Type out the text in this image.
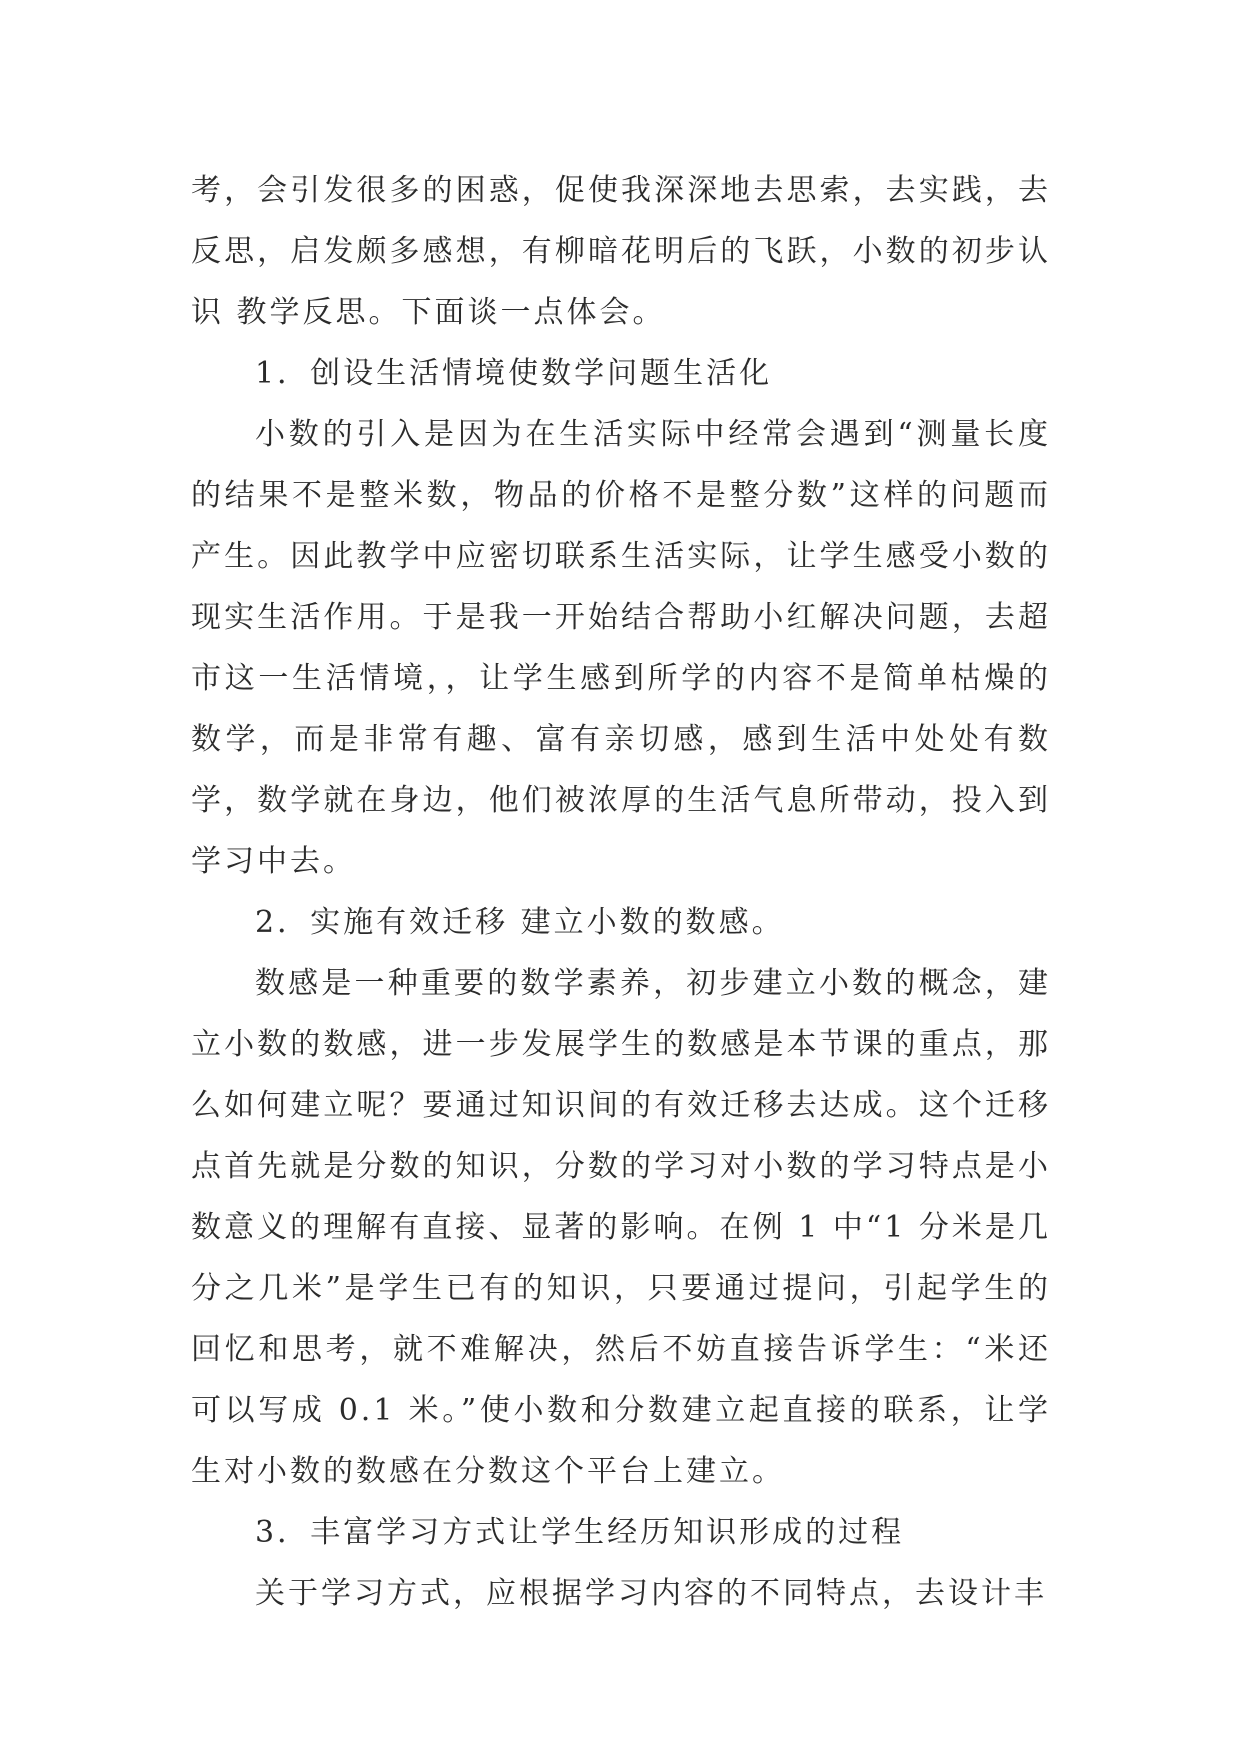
考，会引发很多的困惑，促使我深深地去思索，去实践，去反思，启发颇多感想，有柳暗花明后的飞跃，小数的初步认识 教学反思。下面谈一点体会。

1．创设生活情境使数学问题生活化

小数的引入是因为在生活实际中经常会遇到“测量长度的结果不是整米数，物品的价格不是整分数”这样的问题而产生。因此教学中应密切联系生活实际，让学生感受小数的现实生活作用。于是我一开始结合帮助小红解决问题，去超市这一生活情境，，让学生感到所学的内容不是简单枯燥的数学，而是非常有趣、富有亲切感，感到生活中处处有数学，数学就在身边，他们被浓厚的生活气息所带动，投入到学习中去。

2．实施有效迁移 建立小数的数感。

数感是一种重要的数学素养，初步建立小数的概念，建立小数的数感，进一步发展学生的数感是本节课的重点，那么如何建立呢？要通过知识间的有效迁移去达成。这个迁移点首先就是分数的知识，分数的学习对小数的学习特点是小数意义的理解有直接、显著的影响。在例 1 中“1 分米是几分之几米”是学生已有的知识，只要通过提问，引起学生的回忆和思考，就不难解决，然后不妨直接告诉学生：“米还可以写成 0.1 米。”使小数和分数建立起直接的联系，让学生对小数的数感在分数这个平台上建立。

3．丰富学习方式让学生经历知识形成的过程

关于学习方式，应根据学习内容的不同特点，去设计丰
